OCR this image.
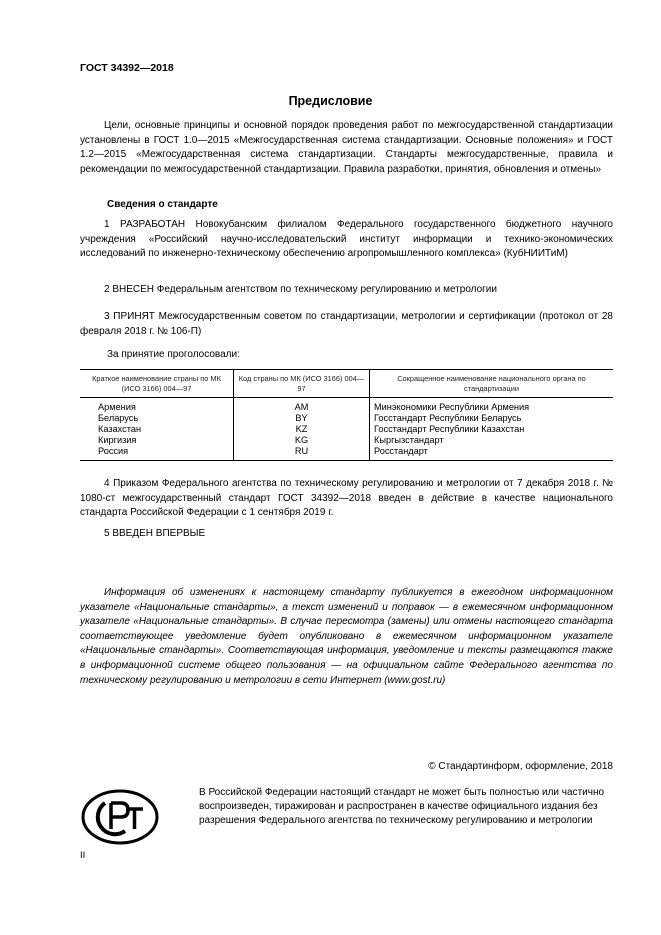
ГОСТ 34392—2018
Предисловие

Цели, основные принципы и основной порядок проведения работ по межгосударственной стандартизации установлены в ГОСТ 1.0—2015 «Межгосударственная система стандартизации. Основные положения» и ГОСТ 1.2—2015 «Межгосударственная система стандартизации. Стандарты межгосударственные, правила и рекомендации по межгосударственной стандартизации. Правила разработки, принятия, обновления и отмены»

Сведения о стандарте

1 РАЗРАБОТАН Новокубанским филиалом Федерального государственного бюджетного научного учреждения «Российский научно-исследовательский институт информации и технико-экономических исследований по инженерно-техническому обеспечению агропромышленного комплекса» (КубНИИТиМ)

2 ВНЕСЕН Федеральным агентством по техническому регулированию и метрологии

3 ПРИНЯТ Межгосударственным советом по стандартизации, метрологии и сертификации (протокол от 28 февраля 2018 г. № 106-П)

За принятие проголосовали:
Краткое наименование страны по МК (ИСО 3166) 004—97	Код страны по МК (ИСО 3166) 004—97	Сокращенное наименование национального органа по стандартизации
Армения	AM	Минэкономики Республики Армения
Беларусь	BY	Госстандарт Республики Беларусь
Казахстан	KZ	Госстандарт Республики Казахстан
Киргизия	KG	Кыргызстандарт
Россия	RU	Росстандарт

4 Приказом Федерального агентства по техническому регулированию и метрологии от 7 декабря 2018 г. № 1080-ст межгосударственный стандарт ГОСТ 34392—2018 введен в действие в качестве национального стандарта Российской Федерации с 1 сентября 2019 г.

5 ВВЕДЕН ВПЕРВЫЕ

Информация об изменениях к настоящему стандарту публикуется в ежегодном информационном указателе «Национальные стандарты», а текст изменений и поправок — в ежемесячном информационном указателе «Национальные стандарты». В случае пересмотра (замены) или отмены настоящего стандарта соответствующее уведомление будет опубликовано в ежемесячном информационном указателе «Национальные стандарты». Соответствующая информация, уведомление и тексты размещаются также в информационной системе общего пользования — на официальном сайте Федерального агентства по техническому регулированию и метрологии в сети Интернет (www.gost.ru)

© Стандартинформ, оформление, 2018

В Российской Федерации настоящий стандарт не может быть полностью или частично воспроизведен, тиражирован и распространен в качестве официального издания без разрешения Федерального агентства по техническому регулированию и метрологии

II
